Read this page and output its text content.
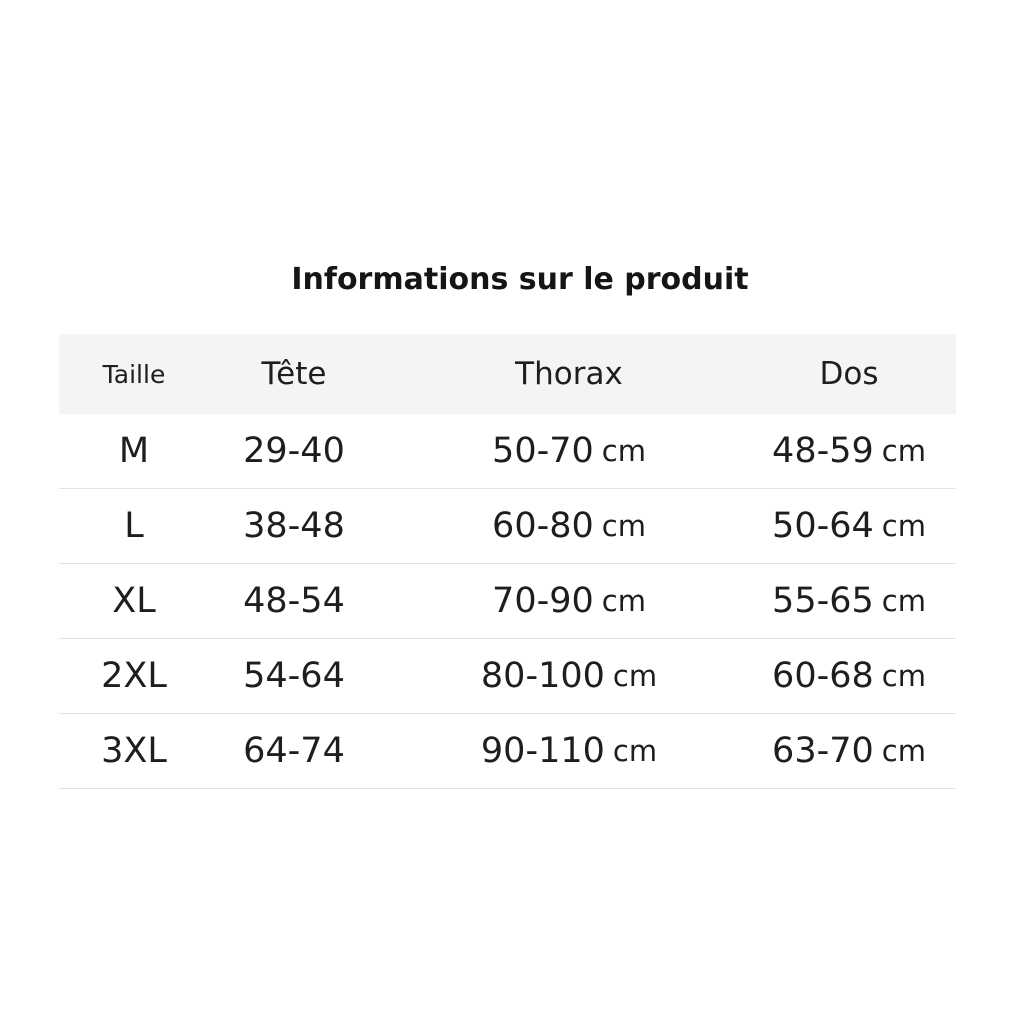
Informations sur le produit
Taille	Tête	Thorax	Dos
M	29-40	50-70 cm	48-59 cm
L	38-48	60-80 cm	50-64 cm
XL	48-54	70-90 cm	55-65 cm
2XL	54-64	80-100 cm	60-68 cm
3XL	64-74	90-110 cm	63-70 cm
